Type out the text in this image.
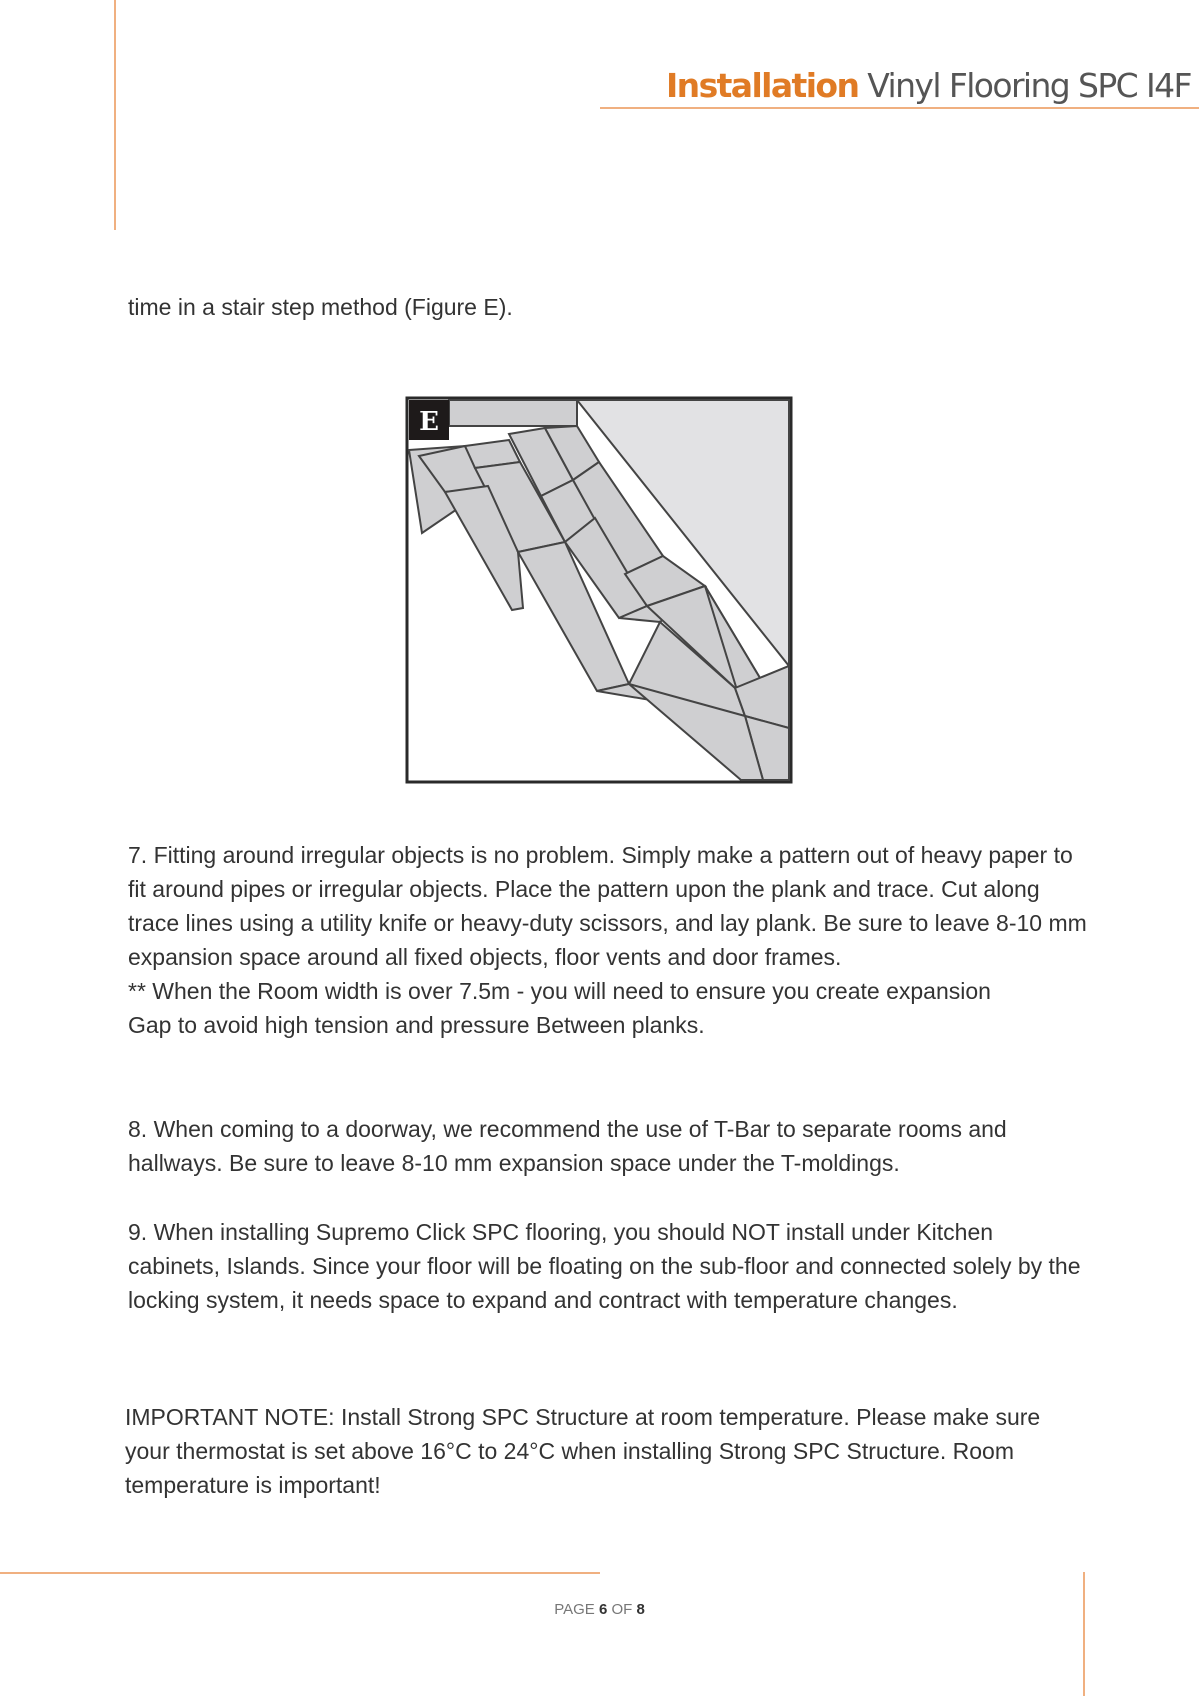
Installation Vinyl Flooring SPC I4F
time in a stair step method (Figure E).
E

7. Fitting around irregular objects is no problem. Simply make a pattern out of heavy paper to fit around pipes or irregular objects. Place the pattern upon the plank and trace. Cut along trace lines using a utility knife or heavy-duty scissors, and lay plank. Be sure to leave 8-10 mm expansion space around all fixed objects, floor vents and door frames.

** When the Room width is over 7.5m - you will need to ensure you create expansion

Gap to avoid high tension and pressure Between planks.

8. When coming to a doorway, we recommend the use of T-Bar to separate rooms and hallways. Be sure to leave 8-10 mm expansion space under the T-moldings.
9. When installing Supremo Click SPC flooring, you should NOT install under Kitchen cabinets, Islands. Since your floor will be floating on the sub-floor and connected solely by the locking system, it needs space to expand and contract with temperature changes.
IMPORTANT NOTE: Install Strong SPC Structure at room temperature. Please make sure your thermostat is set above 16°C to 24°C when installing Strong SPC Structure. Room temperature is important!
PAGE 6 OF 8
